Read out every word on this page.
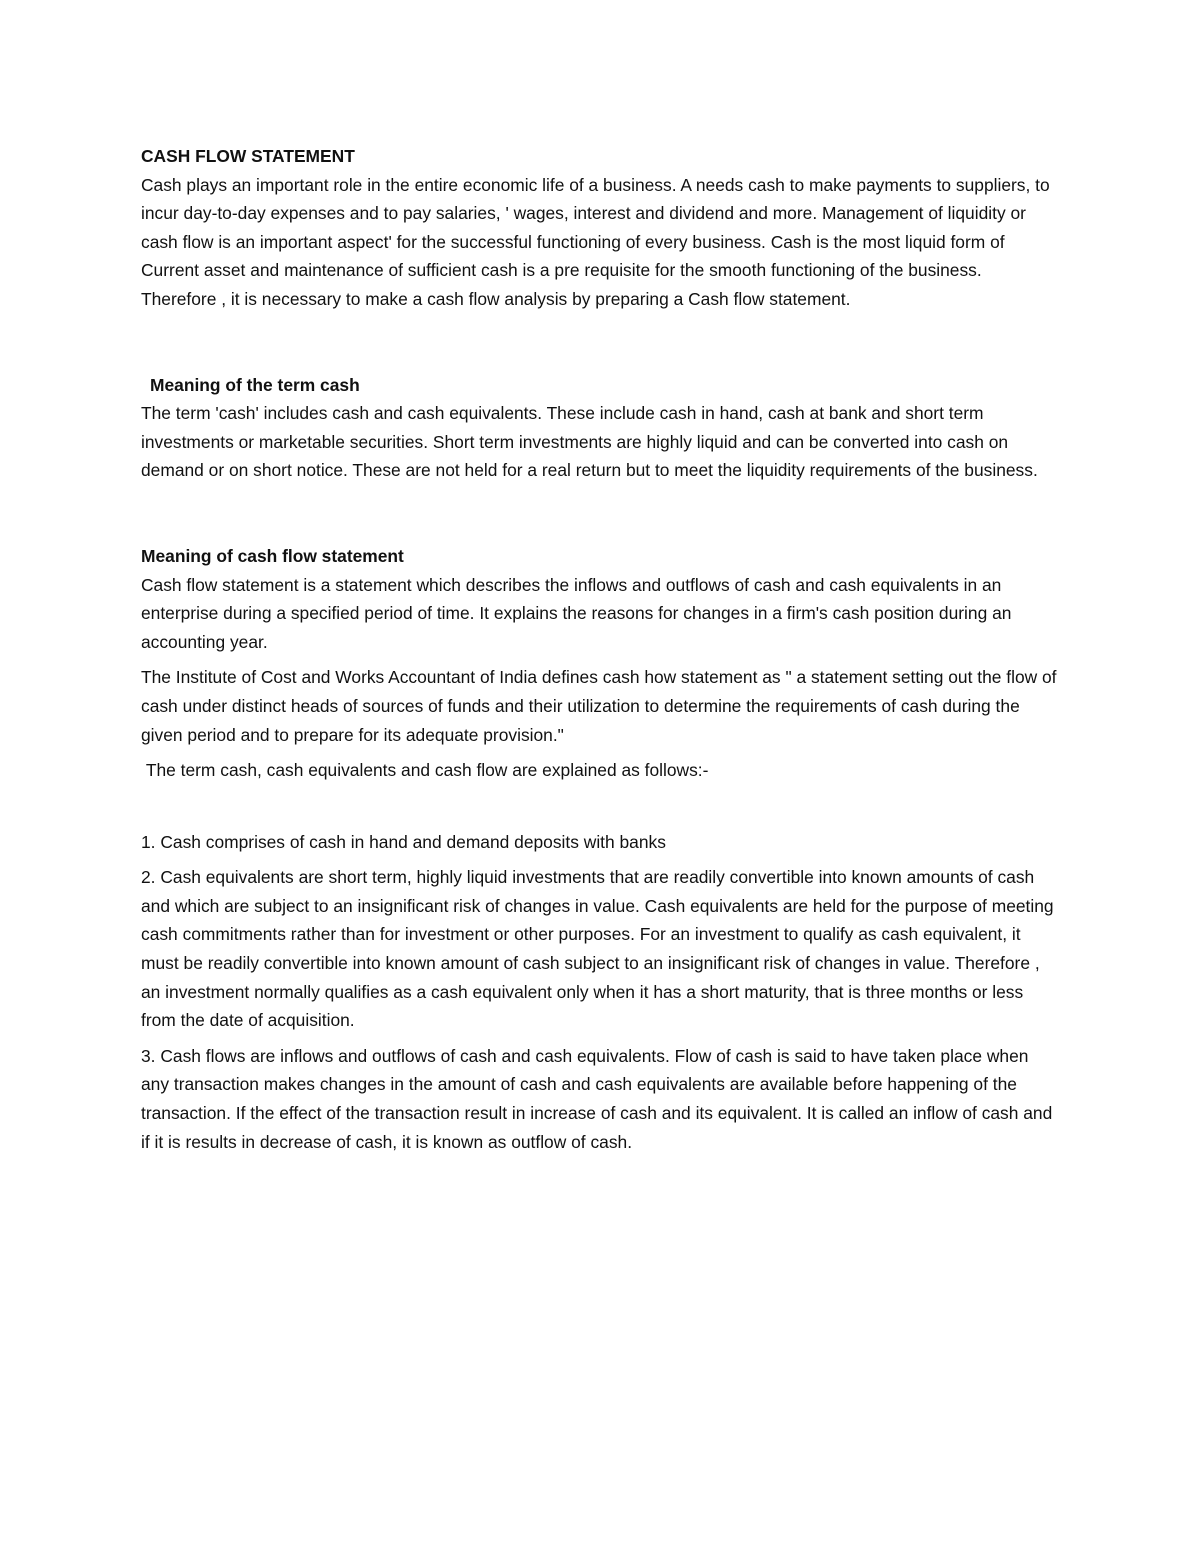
CASH FLOW STATEMENT

Cash plays an important role in the entire economic life of a business. A needs cash to make payments to suppliers, to incur day-to-day expenses and to pay salaries, ' wages, interest and dividend and more. Management of liquidity or cash flow is an important aspect' for the successful functioning of every business. Cash is the most liquid form of Current asset and maintenance of sufficient cash is a pre requisite for the smooth functioning of the business. Therefore , it is necessary to make a cash flow analysis by preparing a Cash flow statement.

Meaning of the term cash

The term 'cash' includes cash and cash equivalents. These include cash in hand, cash at bank and short term investments or marketable securities. Short term investments are highly liquid and can be converted into cash on demand or on short notice. These are not held for a real return but to meet the liquidity requirements of the business.

Meaning of cash flow statement

Cash flow statement is a statement which describes the inflows and outflows of cash and cash equivalents in an enterprise during a specified period of time. It explains the reasons for changes in a firm's cash position during an accounting year.

The Institute of Cost and Works Accountant of India defines cash how statement as " a statement setting out the flow of cash under distinct heads of sources of funds and their utilization to determine the requirements of cash during the given period and to prepare for its adequate provision."

The term cash, cash equivalents and cash flow are explained as follows:-

1. Cash comprises of cash in hand and demand deposits with banks

2. Cash equivalents are short term, highly liquid investments that are readily convertible into known amounts of cash and which are subject to an insignificant risk of changes in value. Cash equivalents are held for the purpose of meeting cash commitments rather than for investment or other purposes. For an investment to qualify as cash equivalent, it must be readily convertible into known amount of cash subject to an insignificant risk of changes in value. Therefore , an investment normally qualifies as a cash equivalent only when it has a short maturity, that is three months or less from the date of acquisition.

3. Cash flows are inflows and outflows of cash and cash equivalents. Flow of cash is said to have taken place when any transaction makes changes in the amount of cash and cash equivalents are available before happening of the transaction. If the effect of the transaction result in increase of cash and its equivalent. It is called an inflow of cash and if it is results in decrease of cash, it is known as outflow of cash.
